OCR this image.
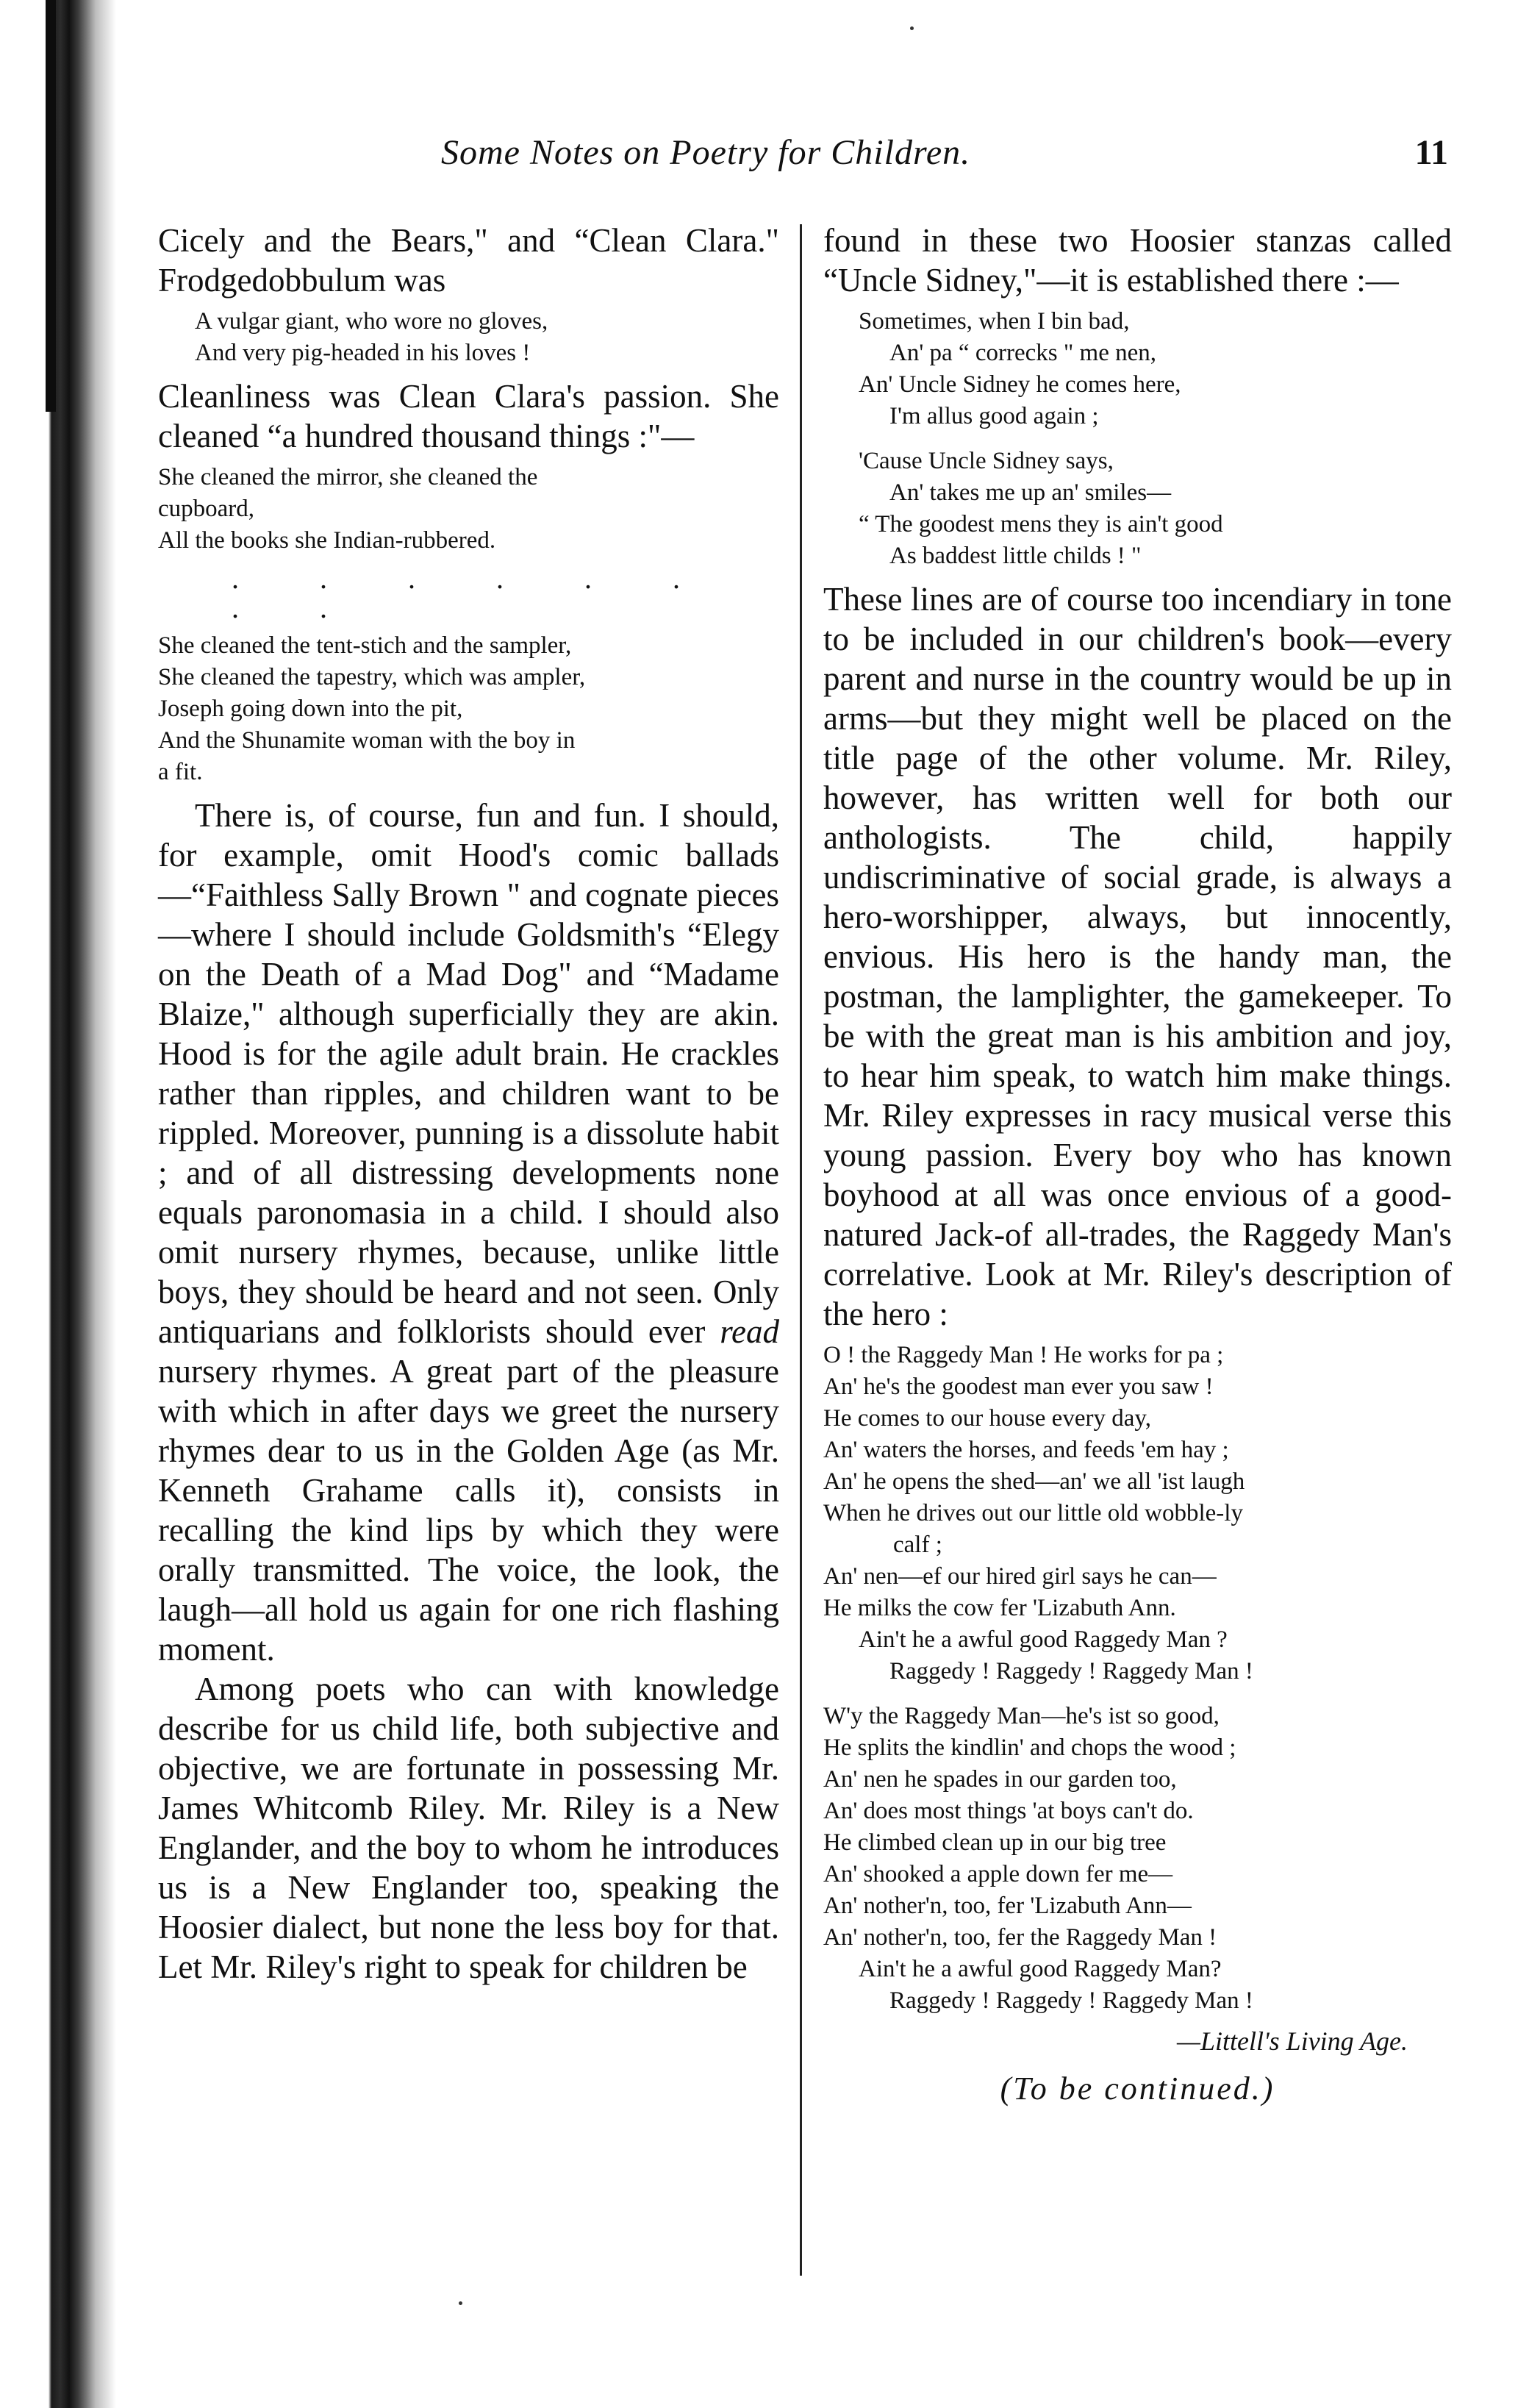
Some Notes on Poetry for Children.	11

Cicely and the Bears," and “Clean Clara." Frodgedobbulum was

A vulgar giant, who wore no gloves,
And very pig-headed in his loves !

Cleanliness was Clean Clara's passion. She cleaned “a hundred thousand things :"—

She cleaned the mirror, she cleaned the
cupboard,
All the books she Indian-rubbered.
. . . . . . . .
She cleaned the tent-stich and the sampler,
She cleaned the tapestry, which was ampler,
Joseph going down into the pit,
And the Shunamite woman with the boy in
a fit.

There is, of course, fun and fun. I should, for example, omit Hood's comic ballads —“Faithless Sally Brown " and cognate pieces—where I should include Goldsmith's “Elegy on the Death of a Mad Dog" and “Madame Blaize," although superficially they are akin. Hood is for the agile adult brain. He crackles rather than ripples, and children want to be rippled. Moreover, punning is a dissolute habit ; and of all distressing developments none equals paronomasia in a child. I should also omit nursery rhymes, because, unlike little boys, they should be heard and not seen. Only antiquarians and folklorists should ever read nursery rhymes. A great part of the pleasure with which in after days we greet the nursery rhymes dear to us in the Golden Age (as Mr. Kenneth Grahame calls it), consists in recalling the kind lips by which they were orally transmitted. The voice, the look, the laugh—all hold us again for one rich flashing moment.

Among poets who can with knowledge describe for us child life, both subjective and objective, we are fortunate in possessing Mr. James Whitcomb Riley. Mr. Riley is a New Englander, and the boy to whom he introduces us is a New Englander too, speaking the Hoosier dialect, but none the less boy for that. Let Mr. Riley's right to speak for children be

found in these two Hoosier stanzas called “Uncle Sidney,"—it is established there :—

Sometimes, when I bin bad,
An' pa “ correcks " me nen,
An' Uncle Sidney he comes here,
I'm allus good again ;
'Cause Uncle Sidney says,
An' takes me up an' smiles—
“ The goodest mens they is ain't good
As baddest little childs ! "

These lines are of course too incendiary in tone to be included in our children's book—every parent and nurse in the country would be up in arms—but they might well be placed on the title page of the other volume. Mr. Riley, however, has written well for both our anthologists. The child, happily undiscriminative of social grade, is always a hero-worshipper, always, but innocently, envious. His hero is the handy man, the postman, the lamplighter, the gamekeeper. To be with the great man is his ambition and joy, to hear him speak, to watch him make things. Mr. Riley expresses in racy musical verse this young passion. Every boy who has known boyhood at all was once envious of a good-natured Jack-of all-trades, the Raggedy Man's correlative. Look at Mr. Riley's description of the hero :

O ! the Raggedy Man ! He works for pa ;
An' he's the goodest man ever you saw !
He comes to our house every day,
An' waters the horses, and feeds 'em hay ;
An' he opens the shed—an' we all 'ist laugh
When he drives out our little old wobble-ly
calf ;
An' nen—ef our hired girl says he can—
He milks the cow fer 'Lizabuth Ann.
Ain't he a awful good Raggedy Man ?
Raggedy ! Raggedy ! Raggedy Man !
W'y the Raggedy Man—he's ist so good,
He splits the kindlin' and chops the wood ;
An' nen he spades in our garden too,
An' does most things 'at boys can't do.
He climbed clean up in our big tree
An' shooked a apple down fer me—
An' nother'n, too, fer 'Lizabuth Ann—
An' nother'n, too, fer the Raggedy Man !
Ain't he a awful good Raggedy Man?
Raggedy ! Raggedy ! Raggedy Man !
—Littell's Living Age.
(To be continued.)
